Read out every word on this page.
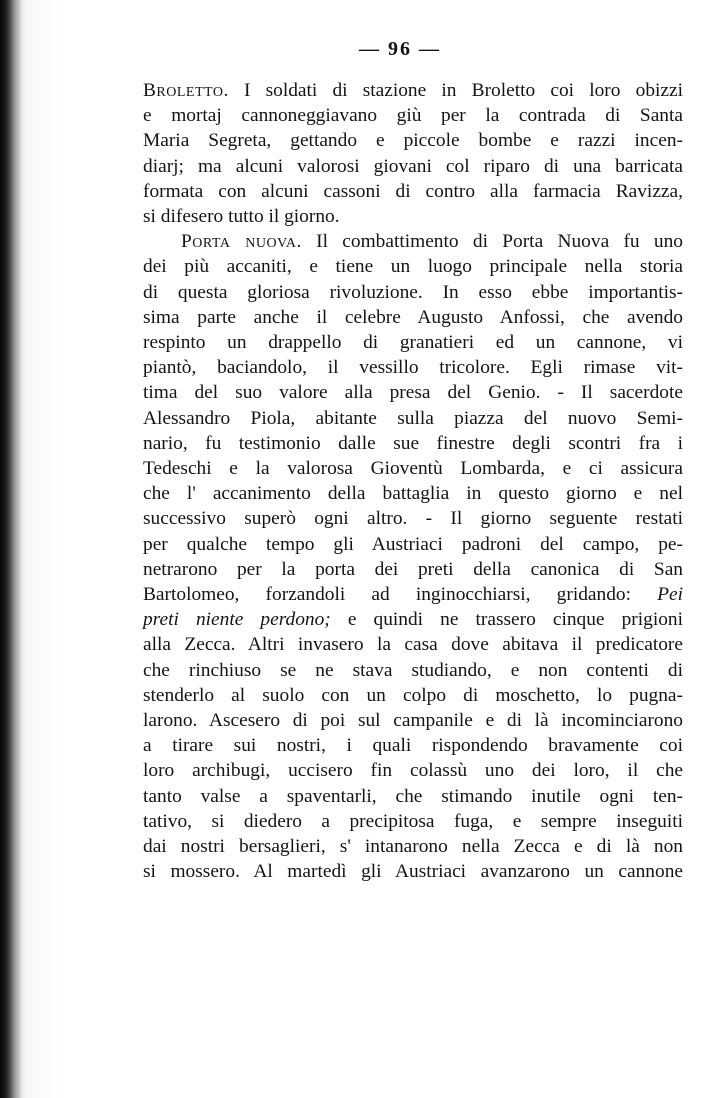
— 96 —
Broletto. I soldati di stazione in Broletto coi loro obizzi
e mortaj cannoneggiavano giù per la contrada di Santa
Maria Segreta, gettando e piccole bombe e razzi incen-
diarj; ma alcuni valorosi giovani col riparo di una barricata
formata con alcuni cassoni di contro alla farmacia Ravizza,
si difesero tutto il giorno.
Porta nuova. Il combattimento di Porta Nuova fu uno
dei più accaniti, e tiene un luogo principale nella storia
di questa gloriosa rivoluzione. In esso ebbe importantis-
sima parte anche il celebre Augusto Anfossi, che avendo
respinto un drappello di granatieri ed un cannone, vi
piantò, baciandolo, il vessillo tricolore. Egli rimase vit-
tima del suo valore alla presa del Genio. - Il sacerdote
Alessandro Piola, abitante sulla piazza del nuovo Semi-
nario, fu testimonio dalle sue finestre degli scontri fra i
Tedeschi e la valorosa Gioventù Lombarda, e ci assicura
che l' accanimento della battaglia in questo giorno e nel
successivo superò ogni altro. - Il giorno seguente restati
per qualche tempo gli Austriaci padroni del campo, pe-
netrarono per la porta dei preti della canonica di San
Bartolomeo, forzandoli ad inginocchiarsi, gridando: Pei
preti niente perdono; e quindi ne trassero cinque prigioni
alla Zecca. Altri invasero la casa dove abitava il predicatore
che rinchiuso se ne stava studiando, e non contenti di
stenderlo al suolo con un colpo di moschetto, lo pugna-
larono. Ascesero di poi sul campanile e di là incominciarono
a tirare sui nostri, i quali rispondendo bravamente coi
loro archibugi, uccisero fin colassù uno dei loro, il che
tanto valse a spaventarli, che stimando inutile ogni ten-
tativo, si diedero a precipitosa fuga, e sempre inseguiti
dai nostri bersaglieri, s' intanarono nella Zecca e di là non
si mossero. Al martedì gli Austriaci avanzarono un cannone
